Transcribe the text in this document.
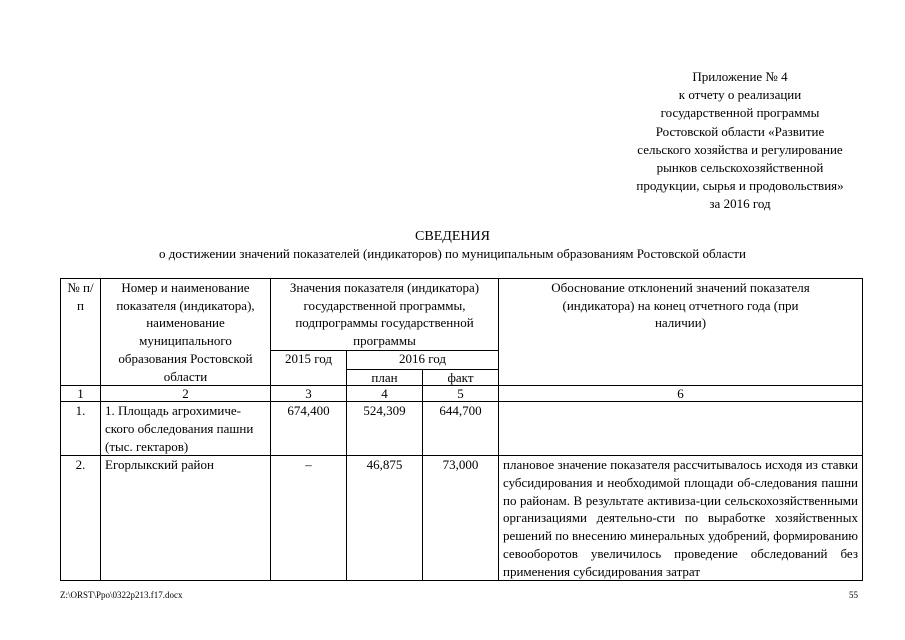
Приложение № 4
к отчету о реализации
государственной программы
Ростовской области «Развитие
сельского хозяйства и регулирование
рынков сельскохозяйственной
продукции, сырья и продовольствия»
за 2016 год
СВЕДЕНИЯ
о достижении значений показателей (индикаторов) по муниципальным образованиям Ростовской области
№ п/п	Номер и наименование показателя (индикатора), наименование муниципального образования Ростовской области	Значения показателя (индикатора) государственной программы, подпрограммы государственной программы			Обоснование отклонений значений показателя (индикатора) на конец отчетного года (при наличии)
		2015 год	2016 год		
			план	факт	
1	2	3	4	5	6
1.	1. Площадь агрохимиче-ского обследования пашни (тыс. гектаров)	674,400	524,309	644,700	
2.	Егорлыкский район	–	46,875	73,000	плановое значение показателя рассчитывалось исходя из ставки субсидирования и необходимой площади об-следования пашни по районам. В результате активиза-ции сельскохозяйственными организациями деятельно-сти по выработке хозяйственных решений по внесению минеральных удобрений, формированию севооборотов увеличилось проведение обследований без применения субсидирования затрат
Z:\ORST\Ppo\0322p213.f17.docx	55
